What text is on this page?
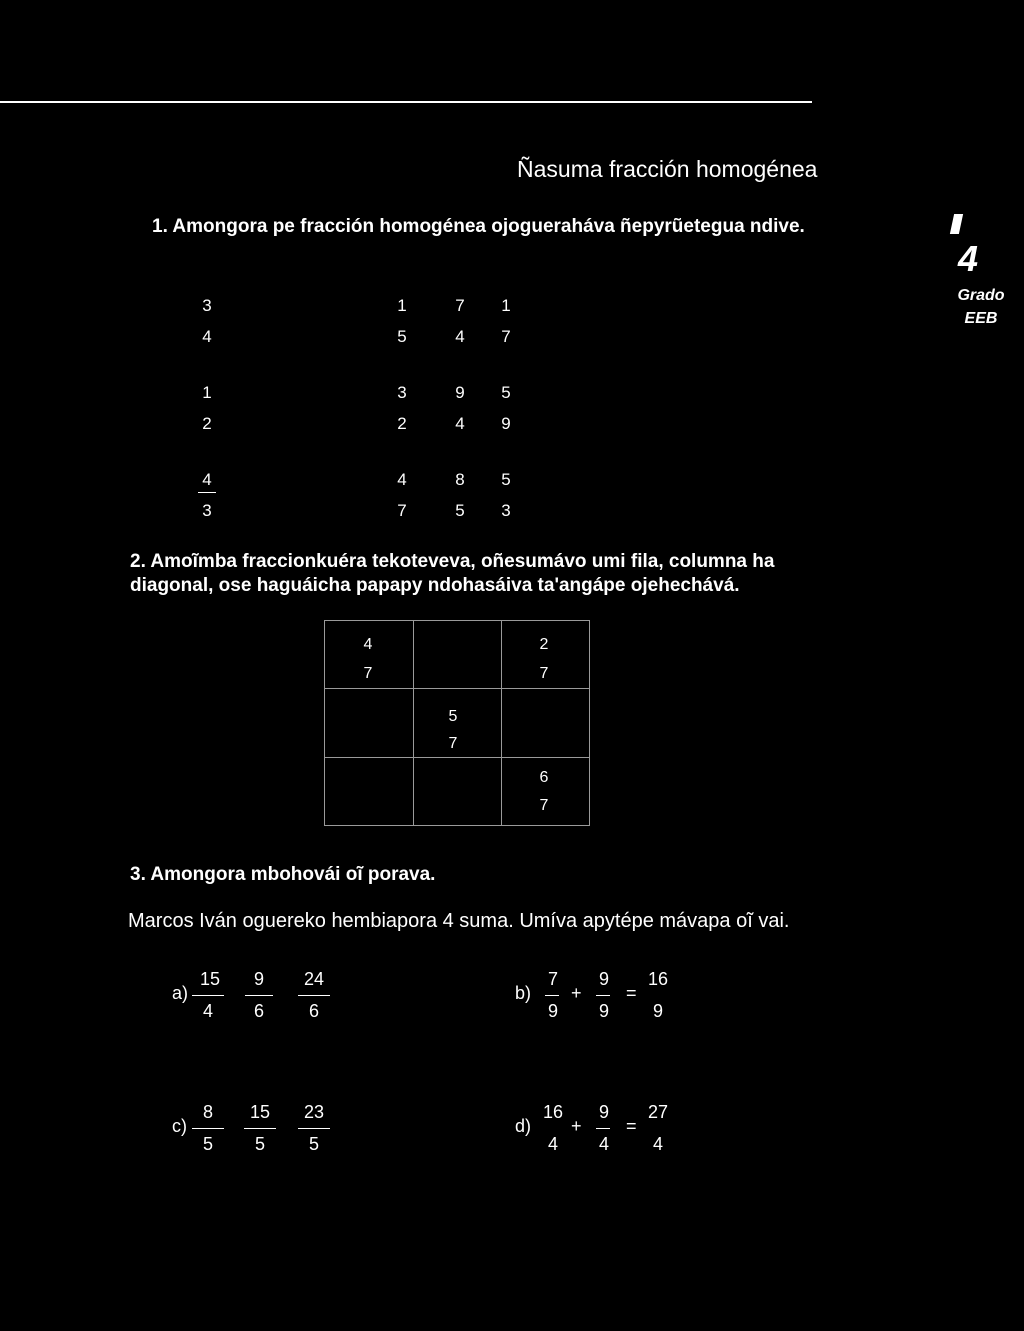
Ñasuma fracción homogénea
4
Grado
EEB
1. Amongora pe fracción homogénea ojoguerahávа ñepyrũetegua ndive.
3
4
1
5
7
4
1
7
1
2
3
2
9
4
5
9
4
3
4
7
8
5
5
3
2. Amoĩmba fraccionkuéra tekoteveva, oñesumávo umi fila, columna ha
diagonal, ose haguáicha papapy ndohasáiva ta'angápe ojehechává.
4
7
2
7
5
7
6
7
3. Amongora mbohovái oĩ porava.
Marcos Iván oguereko hembiapora 4 suma. Umíva apytépe mávapa oĩ vai.
a)
15
4
9
6
24
6
b)
7
9
+
9
9
=
16
9
c)
8
5
15
5
23
5
d)
16
4
+
9
4
=
27
4
